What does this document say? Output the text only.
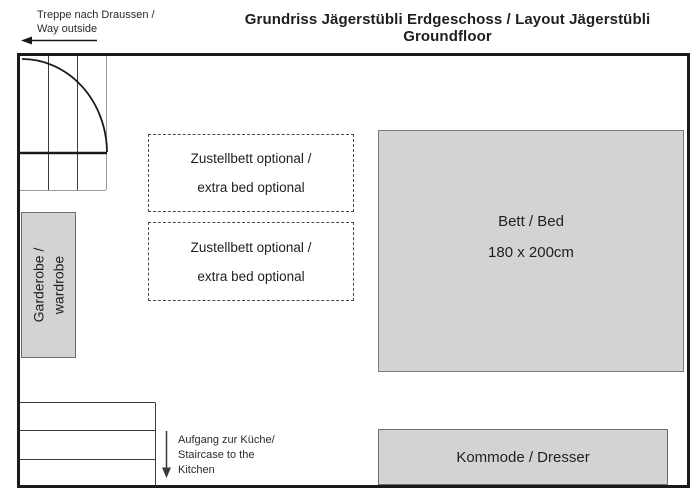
Grundriss Jägerstübli Erdgeschoss / Layout Jägerstübli Groundfloor
Treppe nach Draussen /
Way outside
Garderobe / wardrobe
Zustellbett optional /
extra bed optional
Zustellbett optional /
extra bed optional
Bett / Bed
180 x 200cm
Kommode / Dresser
Aufgang zur Küche/
Staircase to the
Kitchen
